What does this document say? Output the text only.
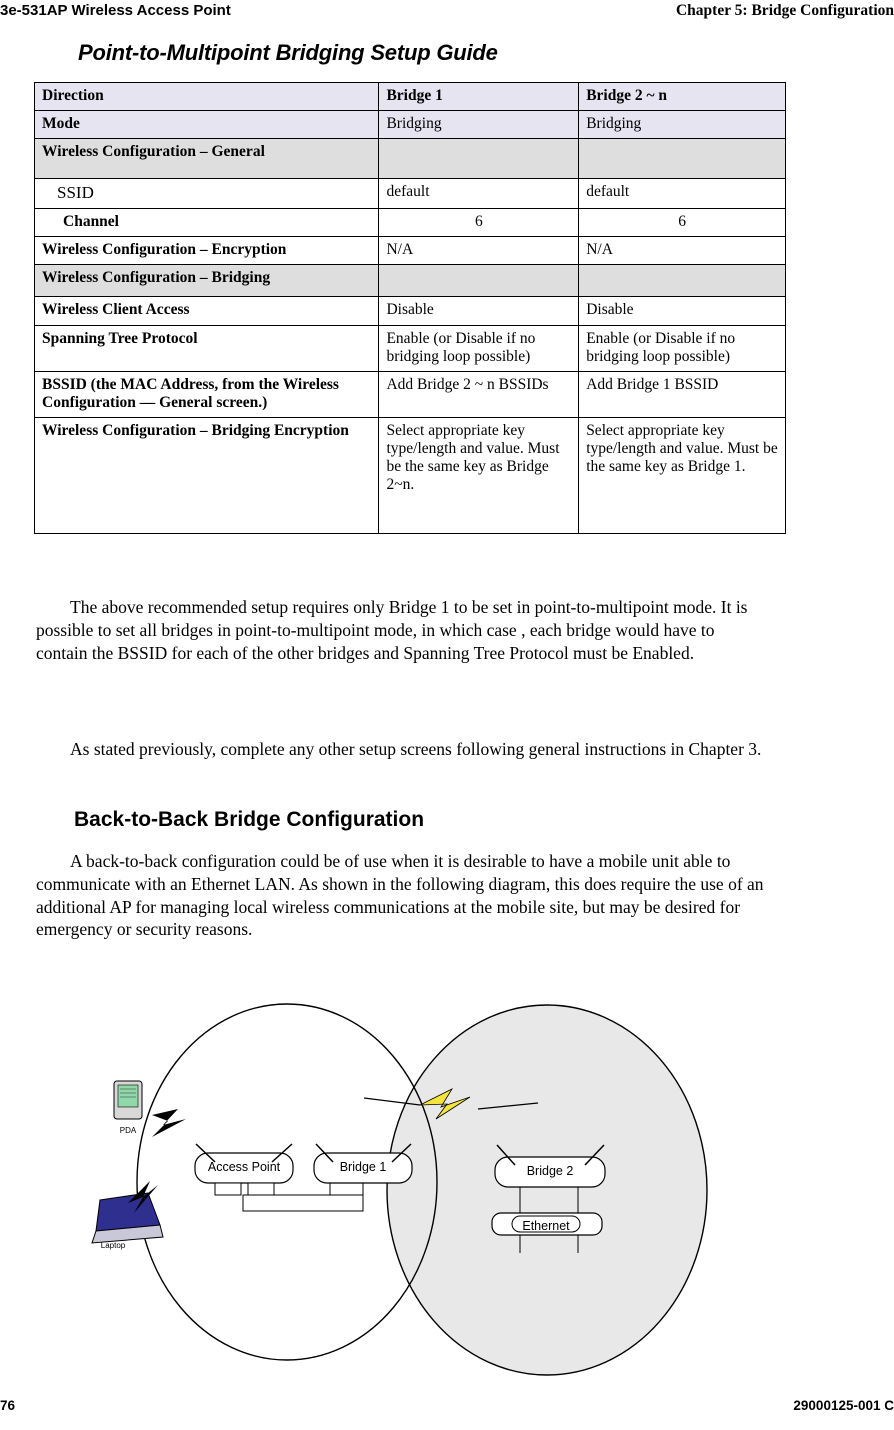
3e-531AP Wireless Access Point	Chapter 5: Bridge Configuration
Point-to-Multipoint Bridging Setup Guide
Direction	Bridge 1	Bridge 2 ~ n
Mode	Bridging	Bridging
Wireless Configuration – General		
SSID	default	default
Channel	6	6
Wireless Configuration – Encryption	N/A	N/A
Wireless Configuration – Bridging		
Wireless Client Access	Disable	Disable
Spanning Tree Protocol	Enable (or Disable if no bridging loop possible)	Enable (or Disable if no bridging loop possible)
BSSID (the MAC Address, from the Wireless Configuration — General screen.)	Add Bridge 2 ~ n BSSIDs	Add Bridge 1 BSSID
Wireless Configuration – Bridging Encryption	Select appropriate key type/length and value. Must be the same key as Bridge 2~n.	Select appropriate key type/length and value. Must be the same key as Bridge 1.

The above recommended setup requires only Bridge 1 to be set in point-to-multipoint mode. It is possible to set all bridges in point-to-multipoint mode, in which case , each bridge would have to contain the BSSID for each of the other bridges and Spanning Tree Protocol must be Enabled.

As stated previously, complete any other setup screens following general instructions in Chapter 3.

Back-to-Back Bridge Configuration

A back-to-back configuration could be of use when it is desirable to have a mobile unit able to communicate with an Ethernet LAN. As shown in the following diagram, this does require the use of an additional AP for managing local wireless communications at the mobile site, but may be desired for emergency or security reasons.

PDA
Laptop
Access Point	Bridge 1	Bridge 2
Ethernet
76	29000125-001 C
